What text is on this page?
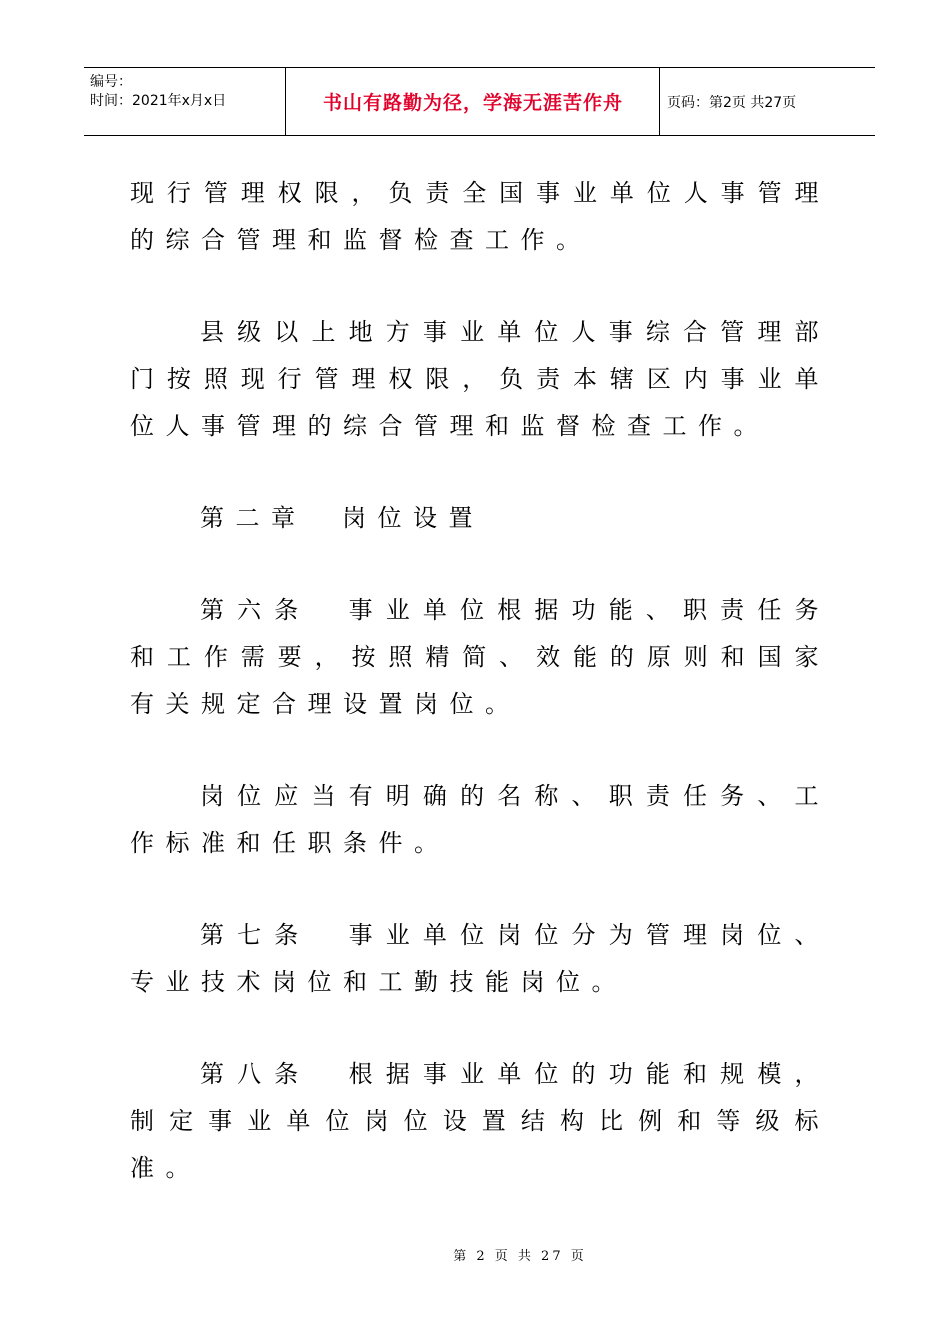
编号：
时间：2021年x月x日	书山有路勤为径，学海无涯苦作舟	页码：第2页 共27页

现行管理权限，负责全国事业单位人事管理的综合管理和监督检查工作。

县级以上地方事业单位人事综合管理部门按照现行管理权限，负责本辖区内事业单位人事管理的综合管理和监督检查工作。

第二章　岗位设置

第六条　事业单位根据功能、职责任务和工作需要，按照精简、效能的原则和国家有关规定合理设置岗位。

岗位应当有明确的名称、职责任务、工作标准和任职条件。

第七条　事业单位岗位分为管理岗位、专业技术岗位和工勤技能岗位。

第八条　根据事业单位的功能和规模，制定事业单位岗位设置结构比例和等级标准。

第 2 页 共 27 页
